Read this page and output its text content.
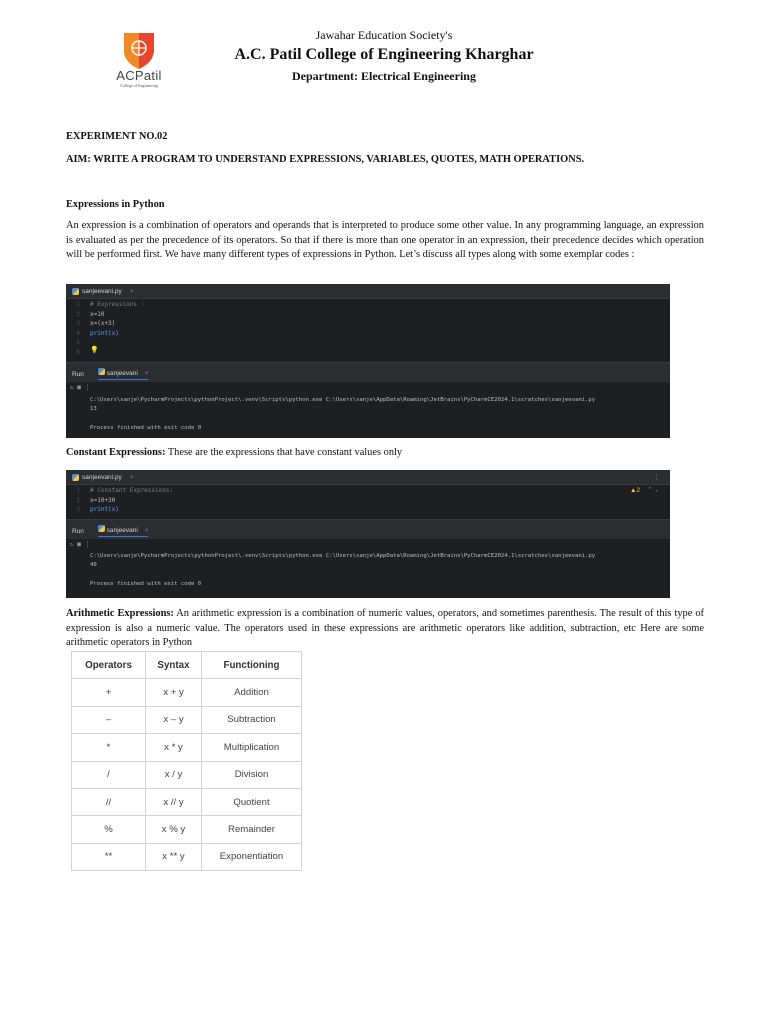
ACPatil
College of Engineering
Jawahar Education Society's
A.C. Patil College of Engineering Kharghar
Department: Electrical Engineering
EXPERIMENT NO.02
AIM: WRITE A PROGRAM TO UNDERSTAND EXPRESSIONS, VARIABLES, QUOTES, MATH OPERATIONS.
Expressions in Python
An expression is a combination of operators and operands that is interpreted to produce some other value. In any programming language, an expression is evaluated as per the precedence of its operators. So that if there is more than one operator in an expression, their precedence decides which operation will be performed first. We have many different types of expressions in Python. Let’s discuss all types along with some exemplar codes :
sanjeevani.py ×
1
2
3
4
5
6
# Expressions :
x=10
x=(x+3)
print(x)
💡
Run	sanjeevani ×
↻ ■ ⋮
C:\Users\sanje\PycharmProjects\pythonProject\.venv\Scripts\python.exe C:\Users\sanje\AppData\Roaming\JetBrains\PyCharmCE2024.1\scratches\sanjeevani.py
13
Process finished with exit code 0
Constant Expressions: These are the expressions that have constant values only
sanjeevani.py ×	⋮
1
2
3
# Constant Expressions:
x=10+30
print(x)
▲2 ⌃ ⌄
Run	sanjeevani ×
↻ ■ ⋮
C:\Users\sanje\PycharmProjects\pythonProject\.venv\Scripts\python.exe C:\Users\sanje\AppData\Roaming\JetBrains\PyCharmCE2024.1\scratches\sanjeevani.py
40
Process finished with exit code 0
Arithmetic Expressions: An arithmetic expression is a combination of numeric values, operators, and sometimes parenthesis. The result of this type of expression is also a numeric value. The operators used in these expressions are arithmetic operators like addition, subtraction, etc Here are some arithmetic operators in Python
Operators	Syntax	Functioning
+	x + y	Addition
–	x – y	Subtraction
*	x * y	Multiplication
/	x / y	Division
//	x // y	Quotient
%	x % y	Remainder
**	x ** y	Exponentiation
